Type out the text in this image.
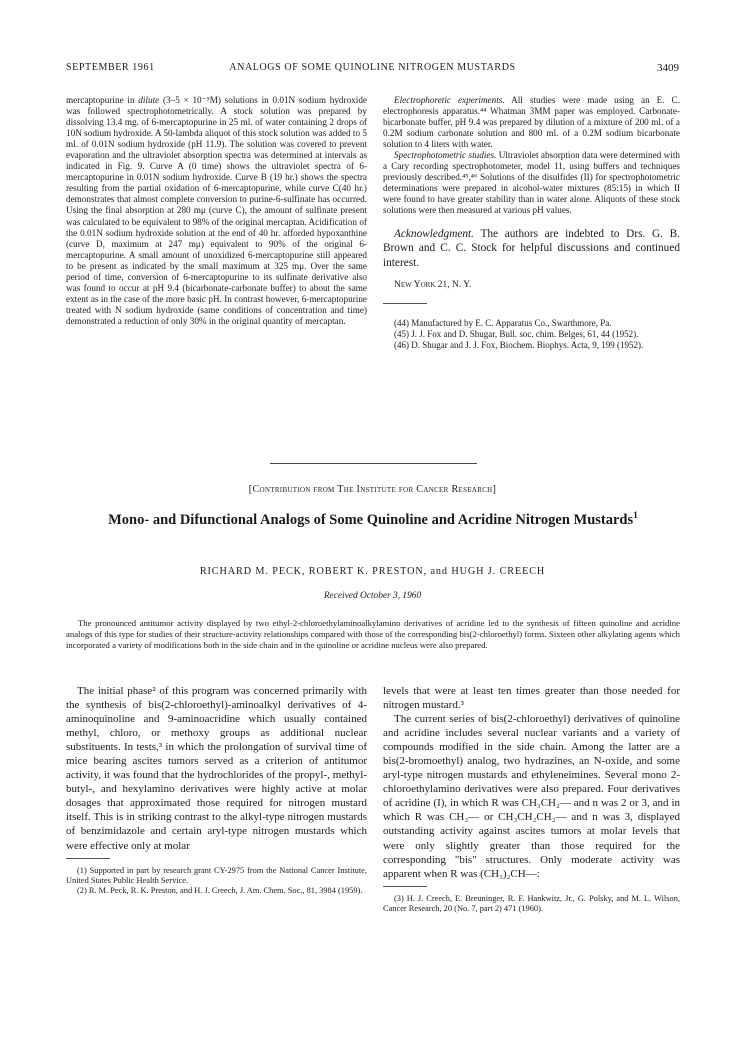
SEPTEMBER 1961	ANALOGS OF SOME QUINOLINE NITROGEN MUSTARDS	3409

mercaptopurine in dilute (3–5 × 10⁻⁵M) solutions in 0.01N sodium hydroxide was followed spectrophotometrically. A stock solution was prepared by dissolving 13.4 mg. of 6-mercaptopurine in 25 ml. of water containing 2 drops of 10N sodium hydroxide. A 50-lambda aliquot of this stock solution was added to 5 ml. of 0.01N sodium hydroxide (pH 11.9). The solution was covered to prevent evaporation and the ultraviolet absorption spectra was determined at intervals as indicated in Fig. 9. Curve A (0 time) shows the ultraviolet spectra of 6-mercaptopurine in 0.01N sodium hydroxide. Curve B (19 hr.) shows the spectra resulting from the partial oxidation of 6-mercaptopurine, while curve C(40 hr.) demonstrates that almost complete conversion to purine-6-sulfinate has occurred. Using the final absorption at 280 mμ (curve C), the amount of sulfinate present was calculated to be equivalent to 98% of the original mercaptan. Acidification of the 0.01N sodium hydroxide solution at the end of 40 hr. afforded hypoxanthine (curve D, maximum at 247 mμ) equivalent to 90% of the original 6-mercaptopurine. A small amount of unoxidized 6-mercaptopurine still appeared to be present as indicated by the small maximum at 325 mμ. Over the same period of time, conversion of 6-mercaptopurine to its sulfinate derivative also was found to occur at pH 9.4 (bicarbonate-carbonate buffer) to about the same extent as in the case of the more basic pH. In contrast however, 6-mercaptopurine treated with N sodium hydroxide (same conditions of concentration and time) demonstrated a reduction of only 30% in the original quantity of mercaptan.

Electrophoretic experiments. All studies were made using an E. C. electrophoresis apparatus.⁴⁴ Whatman 3MM paper was employed. Carbonate-bicarbonate buffer, pH 9.4 was prepared by dilution of a mixture of 200 ml. of a 0.2M sodium carbonate solution and 800 ml. of a 0.2M sodium bicarbonate solution to 4 liters with water.

Spectrophotometric studies. Ultraviolet absorption data were determined with a Cary recording spectrophotometer, model 11, using buffers and techniques previously described.⁴⁵,⁴⁶ Solutions of the disulfides (II) for spectrophotometric determinations were prepared in alcohol-water mixtures (85:15) in which II were found to have greater stability than in water alone. Aliquots of these stock solutions were then measured at various pH values.

Acknowledgment. The authors are indebted to Drs. G. B. Brown and C. C. Stock for helpful discussions and continued interest.

New York 21, N. Y.

(44) Manufactured by E. C. Apparatus Co., Swarthmore, Pa.

(45) J. J. Fox and D. Shugar, Bull. soc. chim. Belges, 61, 44 (1952).

(46) D. Shugar and J. J. Fox, Biochem. Biophys. Acta, 9, 199 (1952).

[Contribution from The Institute for Cancer Research]
Mono- and Difunctional Analogs of Some Quinoline and Acridine Nitrogen Mustards$^1$
RICHARD M. PECK, ROBERT K. PRESTON, and HUGH J. CREECH
Received October 3, 1960
The pronounced antitumor activity displayed by two ethyl-2-chloroethylaminoalkylamino derivatives of acridine led to the synthesis of fifteen quinoline and acridine analogs of this type for studies of their structure-activity relationships compared with those of the corresponding bis(2-chloroethyl) forms. Sixteen other alkylating agents which incorporated a variety of modifications both in the side chain and in the quinoline or acridine nucleus were also prepared.

The initial phase² of this program was concerned primarily with the synthesis of bis(2-chloroethyl)-aminoalkyl derivatives of 4-aminoquinoline and 9-aminoacridine which usually contained methyl, chloro, or methoxy groups as additional nuclear substituents. In tests,³ in which the prolongation of survival time of mice bearing ascites tumors served as a criterion of antitumor activity, it was found that the hydrochlorides of the propyl-, methyl-butyl-, and hexylamino derivatives were highly active at molar dosages that approximated those required for nitrogen mustard itself. This is in striking contrast to the alkyl-type nitrogen mustards of benzimidazole and certain aryl-type nitrogen mustards which were effective only at molar

(1) Supported in part by research grant CY-2975 from the National Cancer Institute, United States Public Health Service.

(2) R. M. Peck, R. K. Preston, and H. J. Creech, J. Am. Chem. Soc., 81, 3984 (1959).

levels that were at least ten times greater than those needed for nitrogen mustard.³

The current series of bis(2-chloroethyl) derivatives of quinoline and acridine includes several nuclear variants and a variety of compounds modified in the side chain. Among the latter are a bis(2-bromoethyl) analog, two hydrazines, an N-oxide, and some aryl-type nitrogen mustards and ethyleneimines. Several mono 2-chloroethylamino derivatives were also prepared. Four derivatives of acridine (I), in which R was CH₃CH₂— and n was 2 or 3, and in which R was CH₃— or CH₃CH₂CH₂— and n was 3, displayed outstanding activity against ascites tumors at molar levels that were only slightly greater than those required for the corresponding "bis" structures. Only moderate activity was apparent when R was (CH₃)₂CH—:

(3) H. J. Creech, E. Breuninger, R. F. Hankwitz, Jr., G. Polsky, and M. L. Wilson, Cancer Research, 20 (No. 7, part 2) 471 (1960).
